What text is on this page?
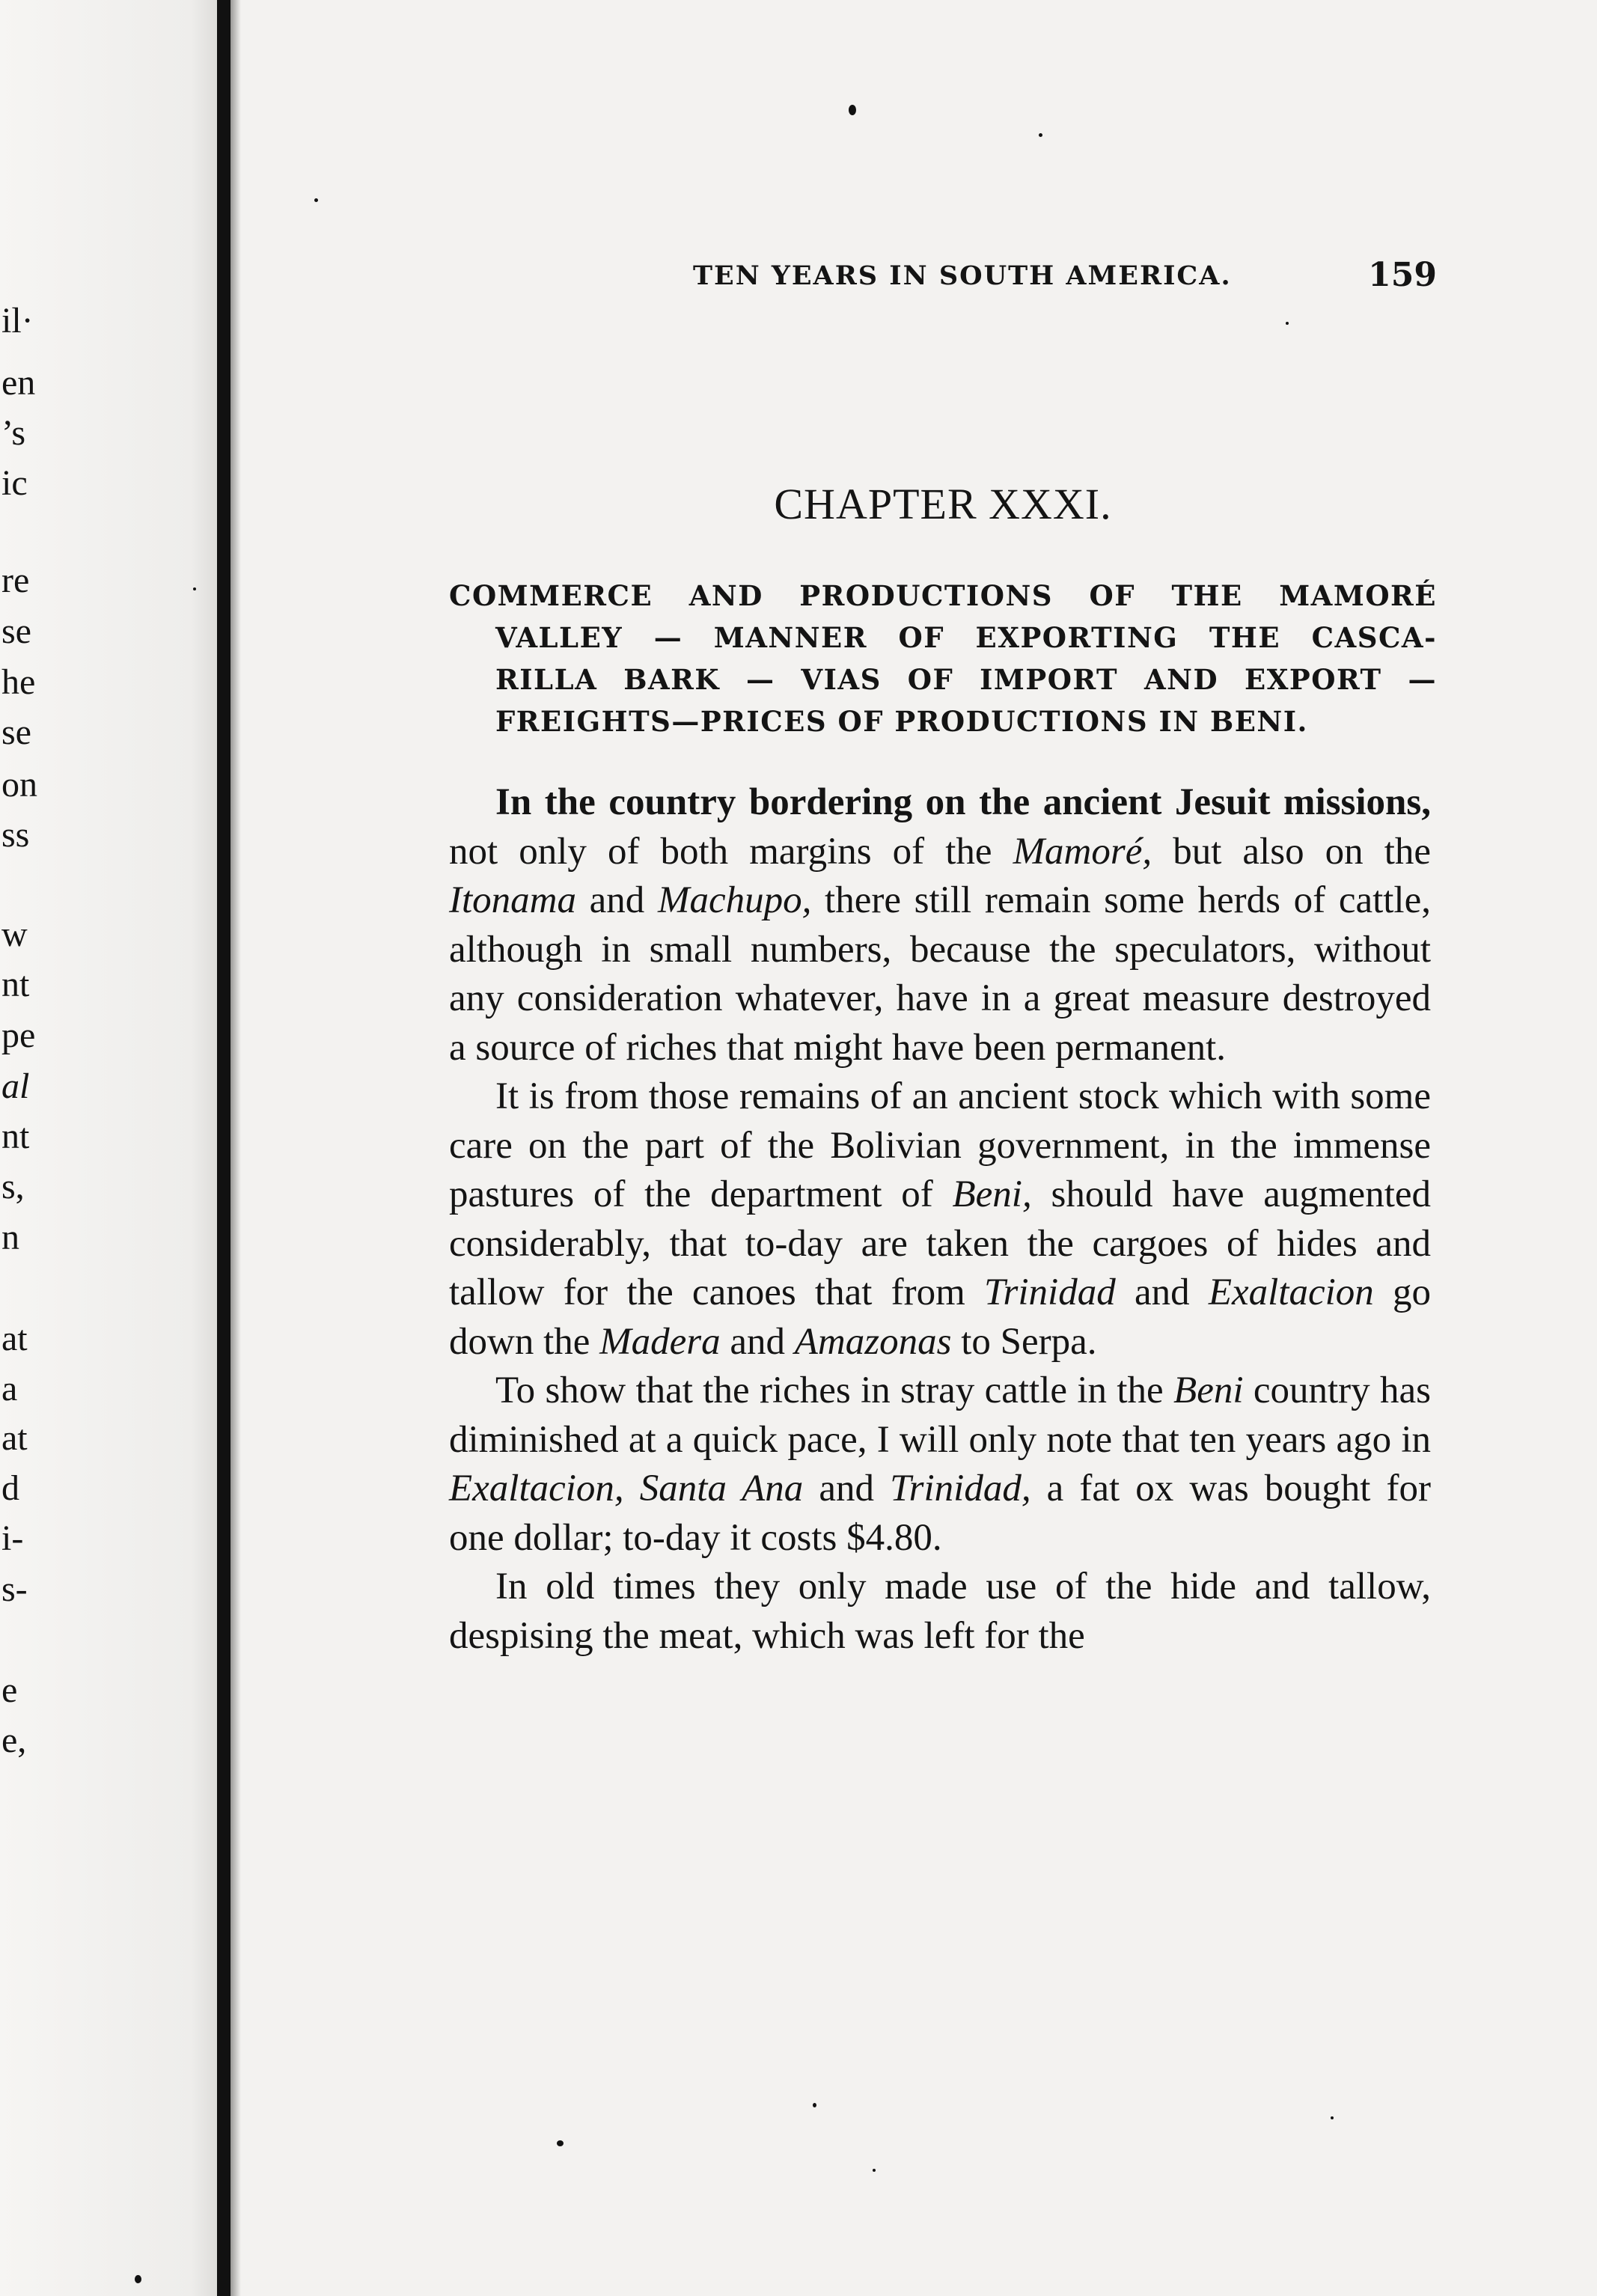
il·
en
’s
ic
re
se
he
se
on
ss
w
nt
pe
al
nt
s,
n
at
a
at
d
i-
s-
e
e,
TEN YEARS IN SOUTH AMERICA.	159
CHAPTER XXXI.
COMMERCE AND PRODUCTIONS OF THE MAMORÉ
VALLEY — MANNER OF EXPORTING THE CASCA-
RILLA BARK — VIAS OF IMPORT AND EXPORT —
FREIGHTS—PRICES OF PRODUCTIONS IN BENI.

In the country bordering on the ancient Jesuit missions, not only of both margins of the Mamoré, but also on the Itonama and Machupo, there still remain some herds of cattle, although in small numbers, because the speculators, without any consideration whatever, have in a great measure destroyed a source of riches that might have been permanent.

It is from those remains of an ancient stock which with some care on the part of the Bolivian government, in the immense pastures of the department of Beni, should have augmented considerably, that to-day are taken the cargoes of hides and tallow for the canoes that from Trinidad and Exaltacion go down the Madera and Amazonas to Serpa.

To show that the riches in stray cattle in the Beni country has diminished at a quick pace, I will only note that ten years ago in Exaltacion, Santa Ana and Trinidad, a fat ox was bought for one dollar; to-day it costs $4.80.

In old times they only made use of the hide and tallow, despising the meat, which was left for the
